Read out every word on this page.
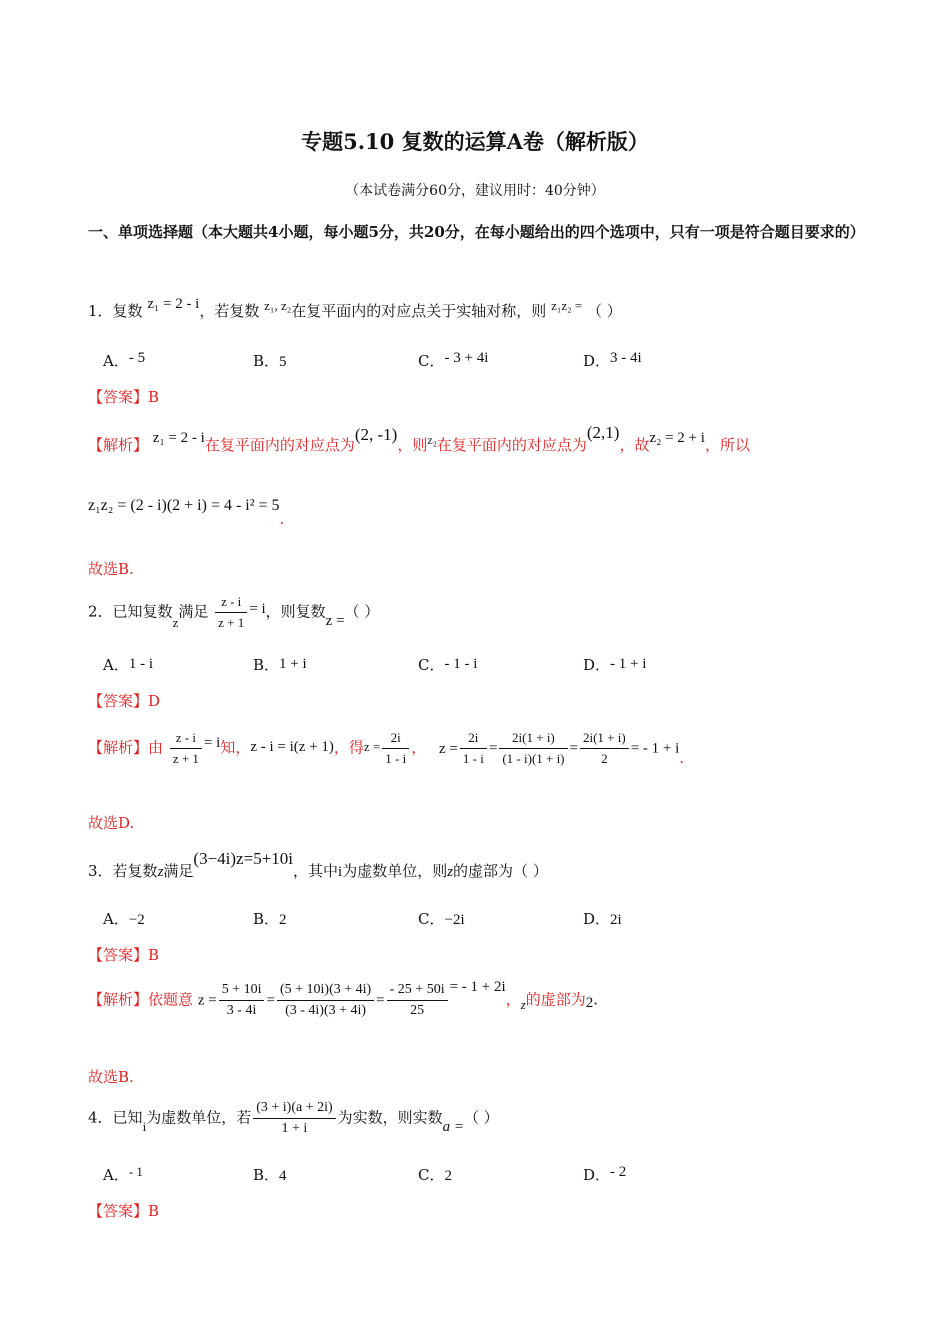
专题5.10 复数的运算A卷（解析版）
（本试卷满分60分，建议用时：40分钟）
一、单项选择题（本大题共4小题，每小题5分，共20分，在每小题给出的四个选项中，只有一项是符合题目要求的）
1．复数 z₁ = 2 - i，若复数 z₁, z₂在复平面内的对应点关于实轴对称，则 z₁z₂ = （ ）
A．- 5	B．5	C．- 3 + 4i	D．3 - 4i
【答案】B
【解析】 z₁ = 2 - i在复平面内的对应点为(2, -1)，则$^{z_2}$在复平面内的对应点为(2,1)，故z₂ = 2 + i，所以
z₁z₂ = (2 - i)(2 + i) = 4 - i² = 5.
故选B.
2．已知复数z满足 $\frac{z - i}{z + 1} = i$，则复数z =（ ）
A．1 - i	B．1 + i	C．- 1 - i	D．- 1 + i
【答案】D
【解析】由 $\frac{z - i}{z + 1} = i$知，z - i = i(z + 1)，得$z = \frac{2i}{1 - i}$ ， $z = \frac{2i}{1 - i} = \frac{2i(1 + i)}{(1 - i)(1 + i)} = \frac{2i(1 + i)}{2}$ = - 1 + i.
故选D.
3．若复数z满足(3−4i)z=5+10i，其中i为虚数单位，则z的虚部为（ ）
A．−2	B．2	C．−2i	D．2i
【答案】B
【解析】依题意 $z = \frac{5 + 10i}{3 - 4i} = \frac{(5 + 10i)(3 + 4i)}{(3 - 4i)(3 + 4i)} = \frac{- 25 + 50i}{25}$ = - 1 + 2i，z的虚部为2.
故选B.
4．已知i为虚数单位，若 $\frac{(3 + i)(a + 2i)}{1 + i}$ 为实数，则实数a =（ ）
A．- 1	B．4	C．2	D．- 2
【答案】B
